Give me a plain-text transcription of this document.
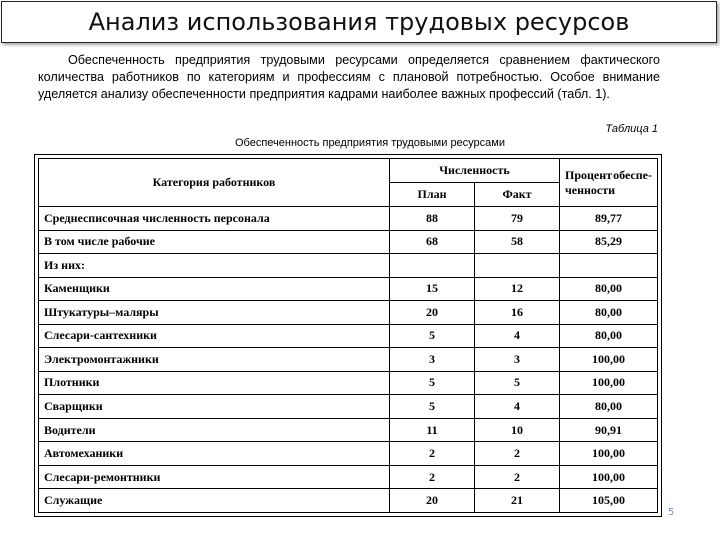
Анализ использования трудовых ресурсов

Обеспеченность предприятия трудовыми ресурсами определяется сравнением фактического количества работников по категориям и профессиям с плановой потребностью. Особое внимание уделяется анализу обеспеченности предприятия кадрами наиболее важных профессий (табл. 1).

Таблица 1
Обеспеченность предприятия трудовыми ресурсами
Категория работников	Численность		Процент обеспе-
ченности

	План	Факт	
Среднесписочная численность персонала	88	79	89,77
В том числе рабочие	68	58	85,29
Из них:			
Каменщики	15	12	80,00
Штукатуры–маляры	20	16	80,00
Слесари-сантехники	5	4	80,00
Электромонтажники	3	3	100,00
Плотники	5	5	100,00
Сварщики	5	4	80,00
Водители	11	10	90,91
Автомеханики	2	2	100,00
Слесари-ремонтники	2	2	100,00
Служащие	20	21	105,00
5
